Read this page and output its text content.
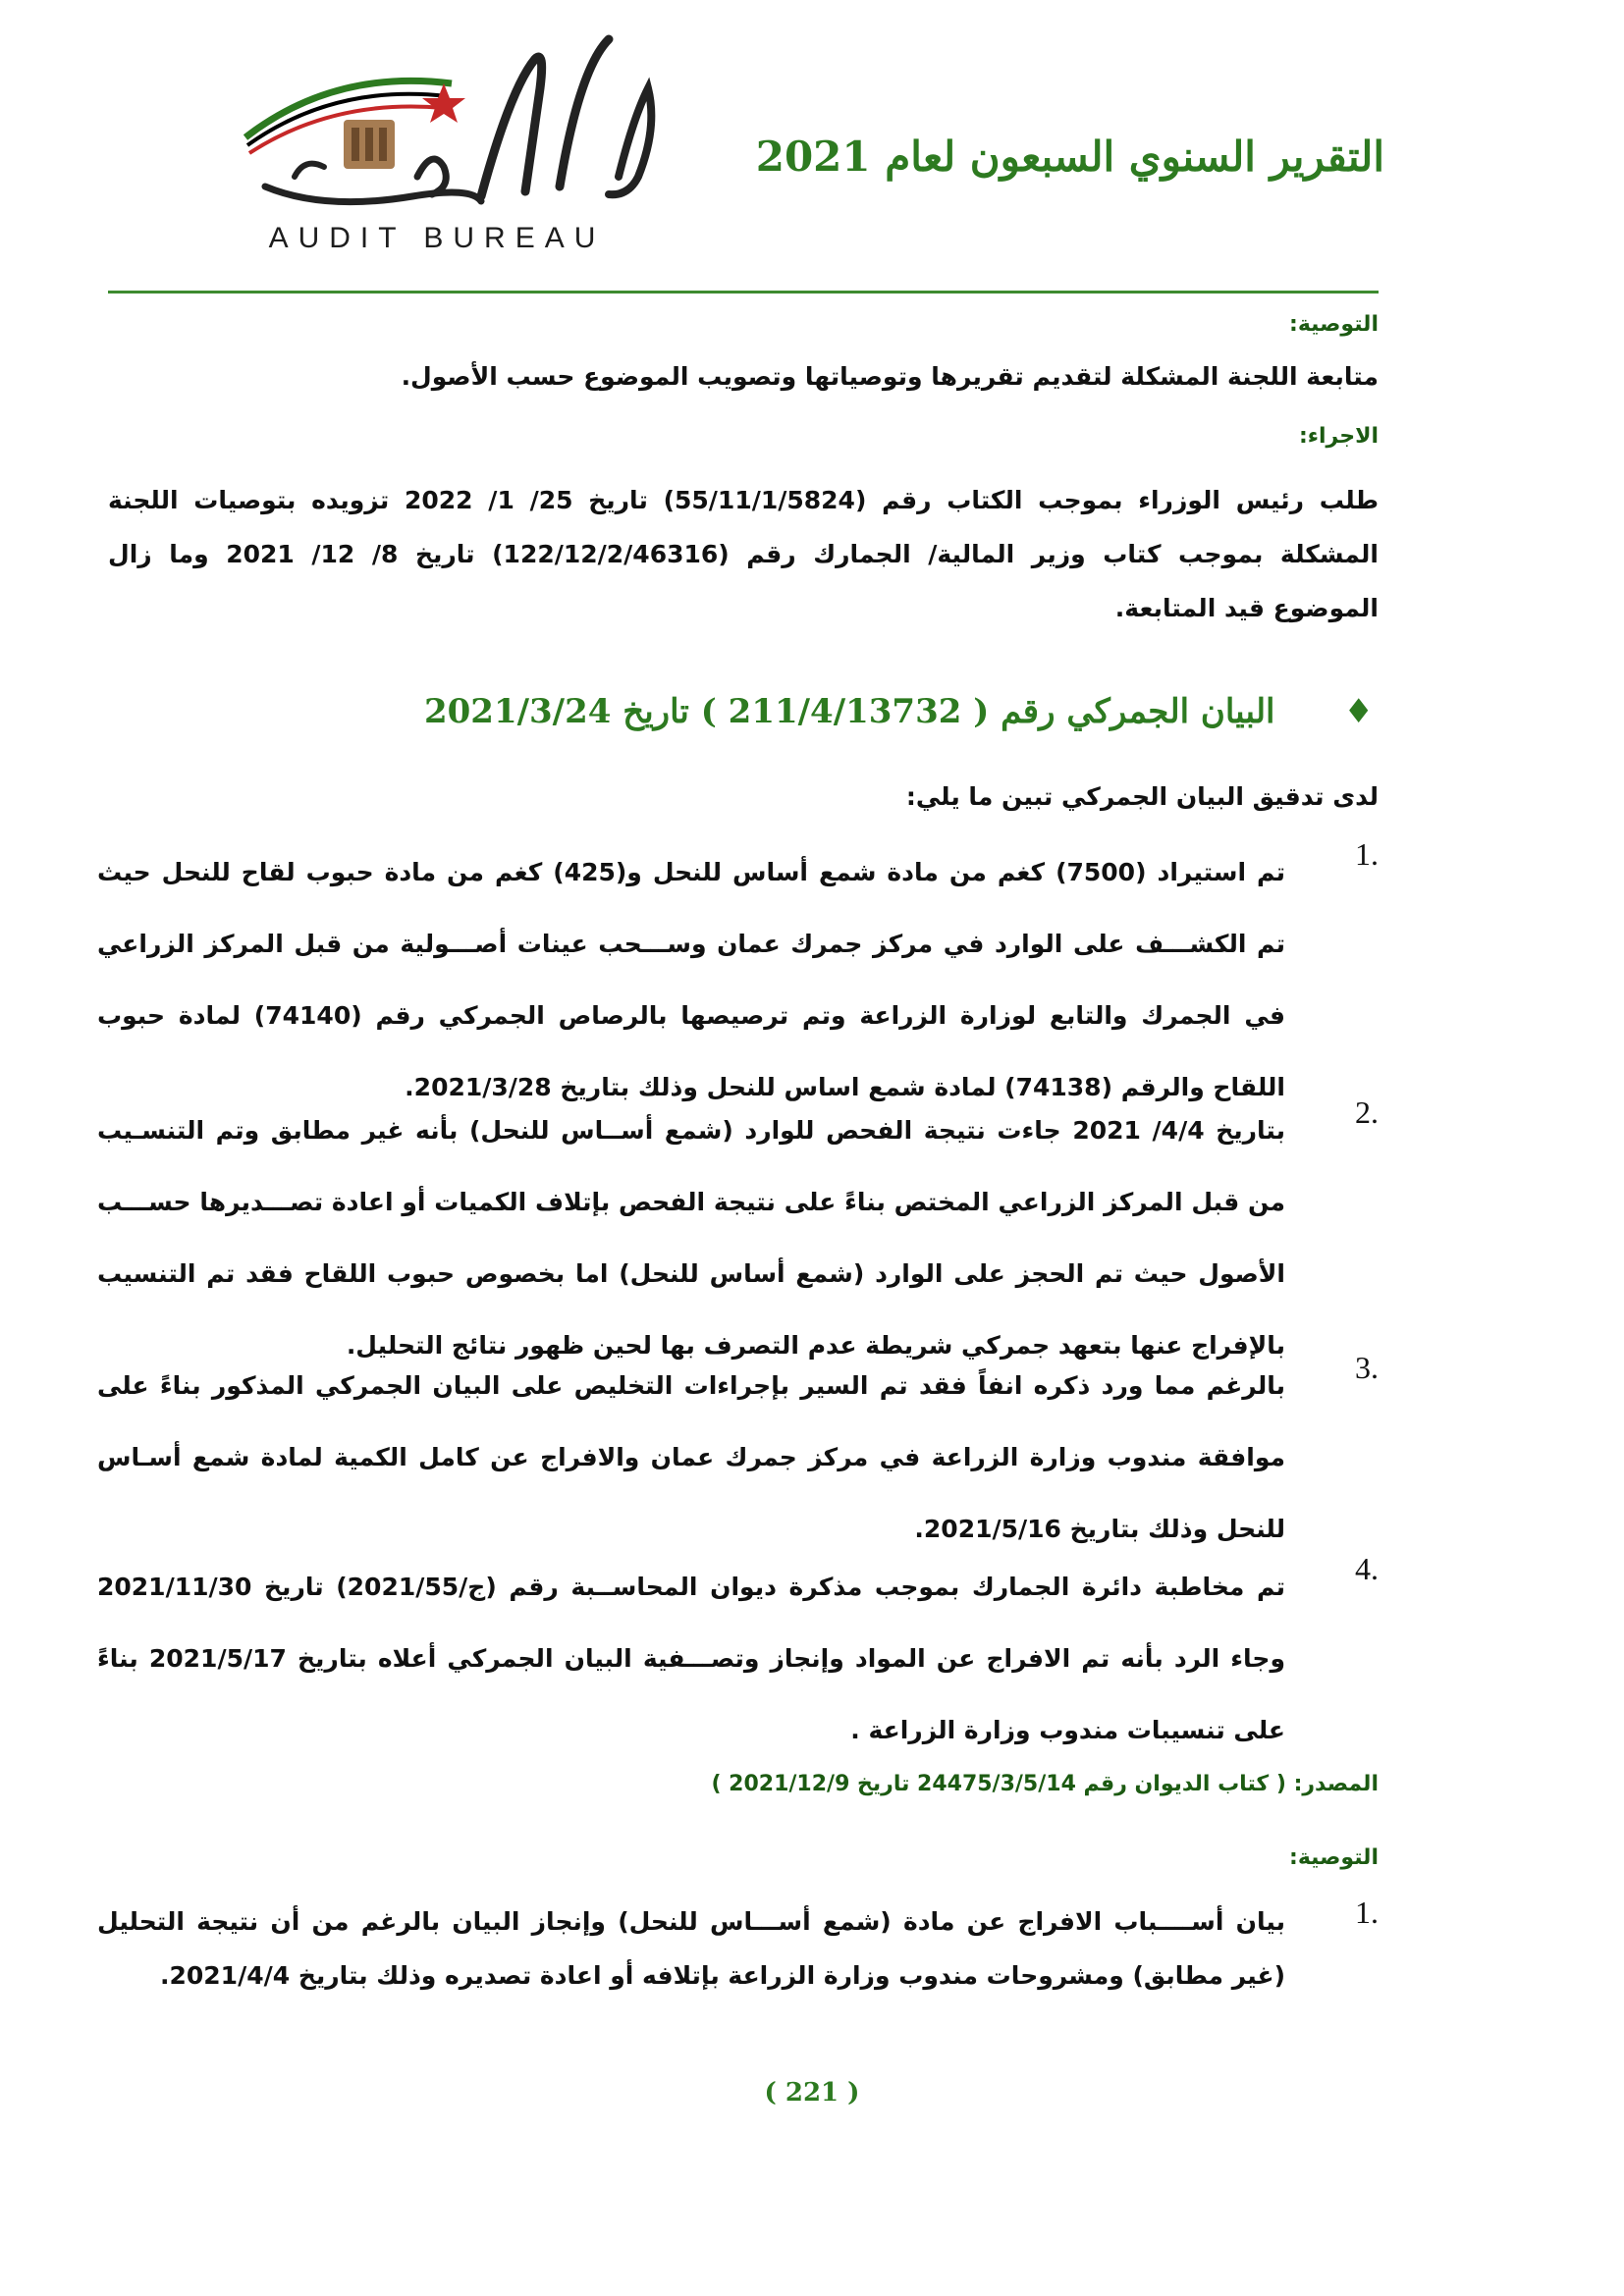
AUDIT BUREAU
التقرير السنوي السبعون لعام 2021
التوصية:
متابعة اللجنة المشكلة لتقديم تقريرها وتوصياتها وتصويب الموضوع حسب الأصول.
الاجراء:
طلب رئيس الوزراء بموجب الكتاب رقم (55/11/1/5824) تاريخ 25/ 1/ 2022 تزويده بتوصيات اللجنة المشكلة بموجب كتاب وزير المالية/ الجمارك رقم (122/12/2/46316) تاريخ 8/ 12/ 2021 وما زال الموضوع قيد المتابعة.
♦البيان الجمركي رقم ( 211/4/13732 ) تاريخ 2021/3/24
لدى تدقيق البيان الجمركي تبين ما يلي:
1.
تم استيراد (7500) كغم من مادة شمع أساس للنحل و(425) كغم من مادة حبوب لقاح للنحل حيث تم الكشـــف على الوارد في مركز جمرك عمان وســـحب عينات أصـــولية من قبل المركز الزراعي في الجمرك والتابع لوزارة الزراعة وتم ترصيصها بالرصاص الجمركي رقم (74140) لمادة حبوب اللقاح والرقم (74138) لمادة شمع اساس للنحل وذلك بتاريخ 2021/3/28.
2.
بتاريخ 4/4/ 2021 جاءت نتيجة الفحص للوارد (شمع أســاس للنحل) بأنه غير مطابق وتم التنسـيب من قبل المركز الزراعي المختص بناءً على نتيجة الفحص بإتلاف الكميات أو اعادة تصـــديرها حســـب الأصول حيث تم الحجز على الوارد (شمع أساس للنحل) اما بخصوص حبوب اللقاح فقد تم التنسيب بالإفراج عنها بتعهد جمركي شريطة عدم التصرف بها لحين ظهور نتائج التحليل.
3.
بالرغم مما ورد ذكره انفاً فقد تم السير بإجراءات التخليص على البيان الجمركي المذكور بناءً على موافقة مندوب وزارة الزراعة في مركز جمرك عمان والافراج عن كامل الكمية لمادة شمع أسـاس للنحل وذلك بتاريخ 2021/5/16.
4.
تم مخاطبة دائرة الجمارك بموجب مذكرة ديوان المحاســبة رقم (ج/2021/55) تاريخ 2021/11/30 وجاء الرد بأنه تم الافراج عن المواد وإنجاز وتصـــفية البيان الجمركي أعلاه بتاريخ 2021/5/17 بناءً على تنسيبات مندوب وزارة الزراعة .
المصدر: ( كتاب الديوان رقم 24475/3/5/14 تاريخ 2021/12/9 )
التوصية:
1.
بيان أســــباب الافراج عن مادة (شمع أســـاس للنحل) وإنجاز البيان بالرغم من أن نتيجة التحليل (غير مطابق) ومشروحات مندوب وزارة الزراعة بإتلافه أو اعادة تصديره وذلك بتاريخ 2021/4/4.
( 221 )
